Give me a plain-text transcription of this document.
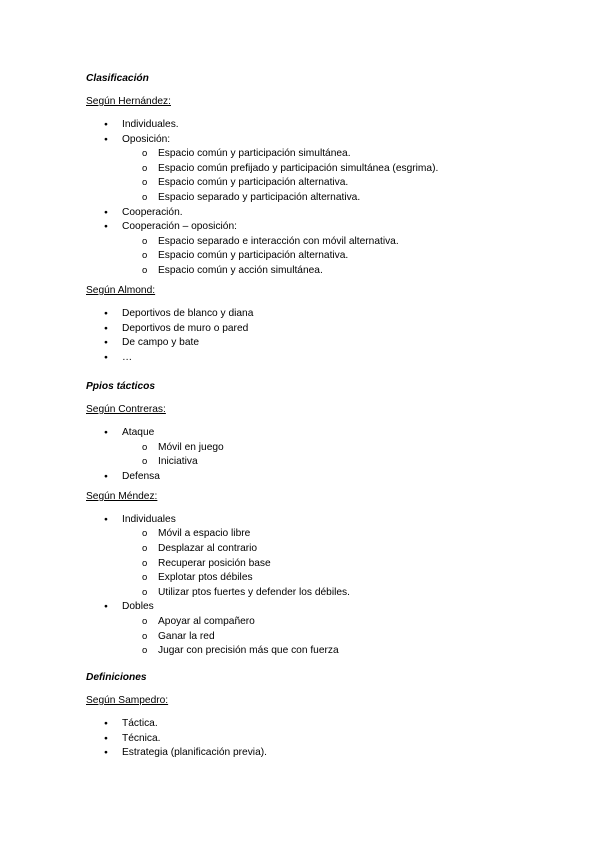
Clasificación
Según Hernández:
● Individuales.
● Oposición:
o Espacio común y participación simultánea.
o Espacio común prefijado y participación simultánea (esgrima).
o Espacio común y participación alternativa.
o Espacio separado y participación alternativa.
● Cooperación.
● Cooperación – oposición:
o Espacio separado e interacción con móvil alternativa.
o Espacio común y participación alternativa.
o Espacio común y acción simultánea.
Según Almond:
● Deportivos de blanco y diana
● Deportivos de muro o pared
● De campo y bate
● …
Ppios tácticos
Según Contreras:
● Ataque
o Móvil en juego
o Iniciativa
● Defensa
Según Méndez:
● Individuales
o Móvil a espacio libre
o Desplazar al contrario
o Recuperar posición base
o Explotar ptos débiles
o Utilizar ptos fuertes y defender los débiles.
● Dobles
o Apoyar al compañero
o Ganar la red
o Jugar con precisión más que con fuerza
Definiciones
Según Sampedro:
● Táctica.
● Técnica.
● Estrategia (planificación previa).
